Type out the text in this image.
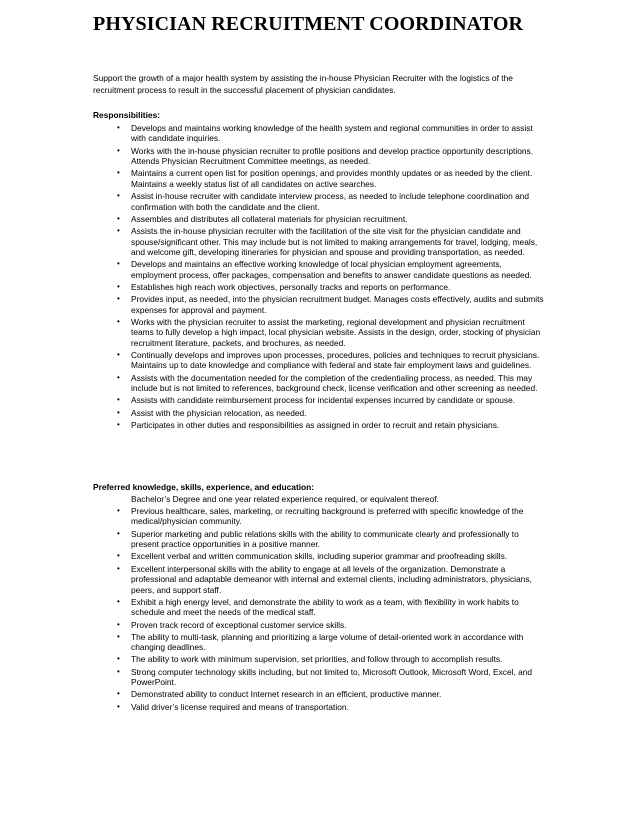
PHYSICIAN RECRUITMENT COORDINATOR

Support the growth of a major health system by assisting the in-house Physician Recruiter with the logistics of the recruitment process to result in the successful placement of physician candidates.

Responsibilities:

• Develops and maintains working knowledge of the health system and regional communities in order to assist with candidate inquiries.
• Works with the in-house physician recruiter to profile positions and develop practice opportunity descriptions. Attends Physician Recruitment Committee meetings, as needed.
• Maintains a current open list for position openings, and provides monthly updates or as needed by the client. Maintains a weekly status list of all candidates on active searches.
• Assist in-house recruiter with candidate interview process, as needed to include telephone coordination and confirmation with both the candidate and the client.
• Assembles and distributes all collateral materials for physician recruitment.
• Assists the in-house physician recruiter with the facilitation of the site visit for the physician candidate and spouse/significant other. This may include but is not limited to making arrangements for travel, lodging, meals, and welcome gift, developing itineraries for physician and spouse and providing transportation, as needed.
• Develops and maintains an effective working knowledge of local physician employment agreements, employment process, offer packages, compensation and benefits to answer candidate questions as needed.
• Establishes high reach work objectives, personally tracks and reports on performance.
• Provides input, as needed, into the physician recruitment budget. Manages costs effectively, audits and submits expenses for approval and payment.
• Works with the physician recruiter to assist the marketing, regional development and physician recruitment teams to fully develop a high impact, local physician website. Assists in the design, order, stocking of physician recruitment literature, packets, and brochures, as needed.
• Continually develops and improves upon processes, procedures, policies and techniques to recruit physicians. Maintains up to date knowledge and compliance with federal and state fair employment laws and guidelines.
• Assists with the documentation needed for the completion of the credentialing process, as needed. This may include but is not limited to references, background check, license verification and other screening as needed.
• Assists with candidate reimbursement process for incidental expenses incurred by candidate or spouse.
• Assist with the physician relocation, as needed.
• Participates in other duties and responsibilities as assigned in order to recruit and retain physicians.

Preferred knowledge, skills, experience, and education:

Bachelor’s Degree and one year related experience required, or equivalent thereof.

• Previous healthcare, sales, marketing, or recruiting background is preferred with specific knowledge of the medical/physician community.
• Superior marketing and public relations skills with the ability to communicate clearly and professionally to present practice opportunities in a positive manner.
• Excellent verbal and written communication skills, including superior grammar and proofreading skills.
• Excellent interpersonal skills with the ability to engage at all levels of the organization. Demonstrate a professional and adaptable demeanor with internal and external clients, including administrators, physicians, peers, and support staff.
• Exhibit a high energy level, and demonstrate the ability to work as a team, with flexibility in work habits to schedule and meet the needs of the medical staff.
• Proven track record of exceptional customer service skills.
• The ability to multi-task, planning and prioritizing a large volume of detail-oriented work in accordance with changing deadlines.
• The ability to work with minimum supervision, set priorities, and follow through to accomplish results.
• Strong computer technology skills including, but not limited to, Microsoft Outlook, Microsoft Word, Excel, and PowerPoint.
• Demonstrated ability to conduct Internet research in an efficient, productive manner.
• Valid driver’s license required and means of transportation.
